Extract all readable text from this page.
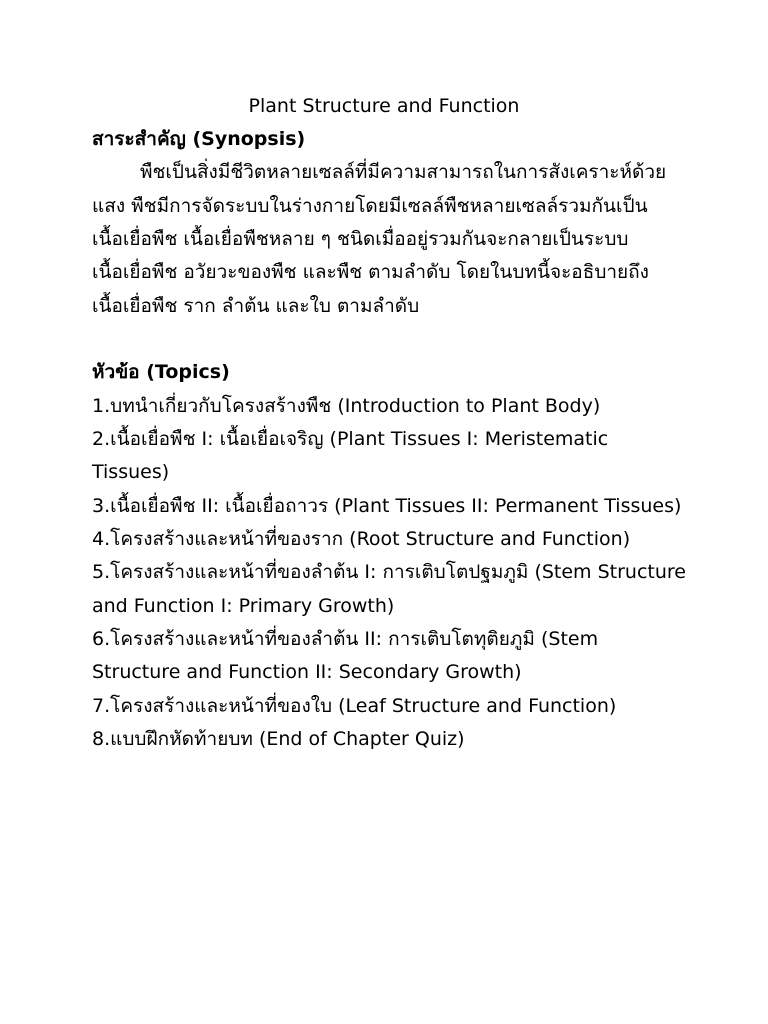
Plant Structure and Function
สาระสำคัญ (Synopsis)
พืชเป็นสิ่งมีชีวิตหลายเซลล์ที่มีความสามารถในการสังเคราะห์ด้วย
แสง พืชมีการจัดระบบในร่างกายโดยมีเซลล์พืชหลายเซลล์รวมกันเป็น
เนื้อเยื่อพืช เนื้อเยื่อพืชหลาย ๆ ชนิดเมื่ออยู่รวมกันจะกลายเป็นระบบ
เนื้อเยื่อพืช อวัยวะของพืช และพืช ตามลำดับ โดยในบทนี้จะอธิบายถึง
เนื้อเยื่อพืช ราก ลำต้น และใบ ตามลำดับ
หัวข้อ (Topics)
1.บทนำเกี่ยวกับโครงสร้างพืช (Introduction to Plant Body)
2.เนื้อเยื่อพืช I: เนื้อเยื่อเจริญ (Plant Tissues I: Meristematic
Tissues)
3.เนื้อเยื่อพืช II: เนื้อเยื่อถาวร (Plant Tissues II: Permanent Tissues)
4.โครงสร้างและหน้าที่ของราก (Root Structure and Function)
5.โครงสร้างและหน้าที่ของลำต้น I: การเติบโตปฐมภูมิ (Stem Structure
and Function I: Primary Growth)
6.โครงสร้างและหน้าที่ของลำต้น II: การเติบโตทุติยภูมิ (Stem
Structure and Function II: Secondary Growth)
7.โครงสร้างและหน้าที่ของใบ (Leaf Structure and Function)
8.แบบฝึกหัดท้ายบท (End of Chapter Quiz)
